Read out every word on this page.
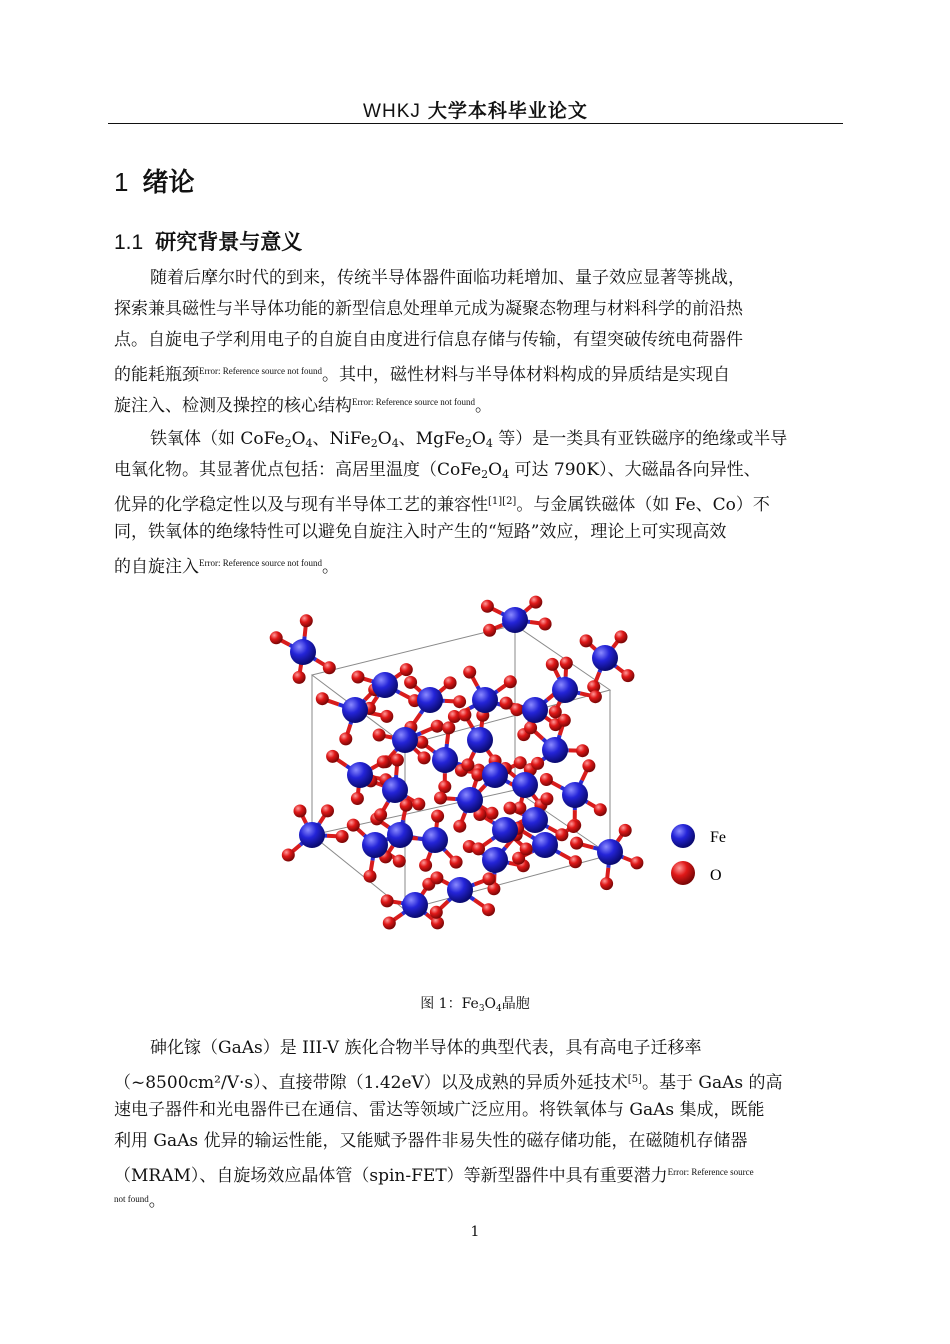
WHKJ 大学本科毕业论文
1 绪论
1.1 研究背景与意义
随着后摩尔时代的到来，传统半导体器件面临功耗增加、量子效应显著等挑战，
探索兼具磁性与半导体功能的新型信息处理单元成为凝聚态物理与材料科学的前沿热
点。自旋电子学利用电子的自旋自由度进行信息存储与传输，有望突破传统电荷器件
的能耗瓶颈$^{Error: Reference source not found}$。其中，磁性材料与半导体材料构成的异质结是实现自
旋注入、检测及操控的核心结构$^{Error: Reference source not found}$。
铁氧体（如 $CoFe_2O_4$、$NiFe_2O_4$、$MgFe_2O_4$ 等）是一类具有亚铁磁序的绝缘或半导
电氧化物。其显著优点包括：高居里温度（$CoFe_2O_4$ 可达 790K）、大磁晶各向异性、
优异的化学稳定性以及与现有半导体工艺的兼容性[1][2]。与金属铁磁体（如 Fe、Co）不
同，铁氧体的绝缘特性可以避免自旋注入时产生的“短路”效应，理论上可实现高效
的自旋注入$^{Error: Reference source not found}$。
Fe
O
图 1：$Fe_3O_4$晶胞
砷化镓（GaAs）是 III-V 族化合物半导体的典型代表，具有高电子迁移率
（~8500cm²/V·s）、直接带隙（1.42eV）以及成熟的异质外延技术[5]。基于 GaAs 的高
速电子器件和光电器件已在通信、雷达等领域广泛应用。将铁氧体与 GaAs 集成，既能
利用 GaAs 优异的输运性能，又能赋予器件非易失性的磁存储功能，在磁随机存储器
（MRAM）、自旋场效应晶体管（spin-FET）等新型器件中具有重要潜力$^{Error: Reference source}$
$^{not found}$。
1
